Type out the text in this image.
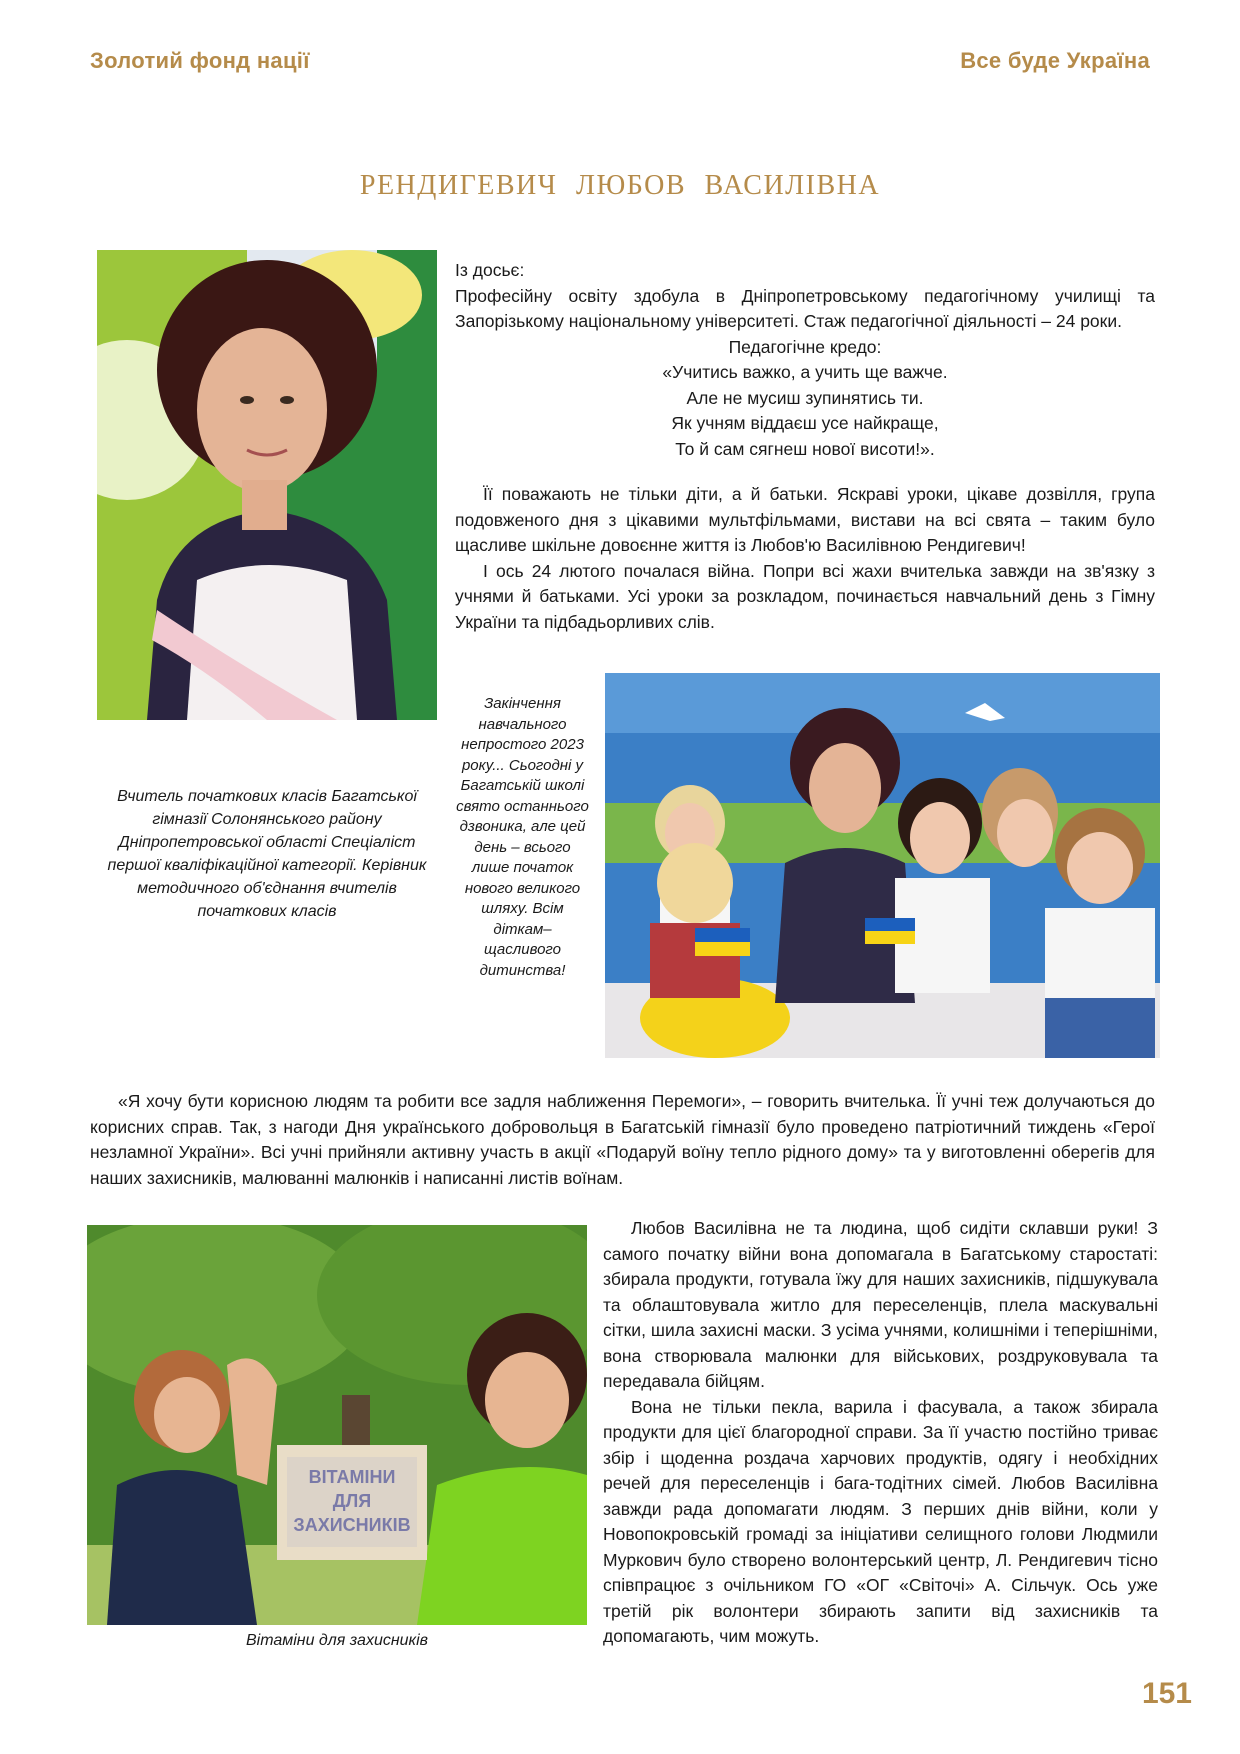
Золотий фонд нації	Все буде Україна
РЕНДИГЕВИЧ ЛЮБОВ ВАСИЛІВНА

Із досьє:

Професійну освіту здобула в Дніпропетровському педагогічному училищі та Запорізькому національному університеті. Стаж педагогічної діяльності – 24 роки.

Педагогічне кредо:

«Учитись важко, а учить ще важче.

Але не мусиш зупинятись ти.

Як учням віддаєш усе найкраще,

То й сам сягнеш нової висоти!».

Її поважають не тільки діти, а й батьки. Яскраві уроки, цікаве дозвілля, група подовженого дня з цікавими мультфільмами, вистави на всі свята – таким було щасливе шкільне довоєнне життя із Любов'ю Василівною Рендигевич!

І ось 24 лютого почалася війна. Попри всі жахи вчителька завжди на зв'язку з учнями й батьками. Усі уроки за розкладом, починається навчальний день з Гімну України та підбадьорливих слів.

Вчитель початкових класів Багатської гімназії Солонянського району Дніпропетровської області Спеціаліст першої кваліфікаційної категорії. Керівник методичного об'єднання вчителів початкових класів
Закінчення навчального непростого 2023 року... Сьогодні у Багатській школі свято останнього дзвоника, але цей день – всього лише початок нового великого шляху. Всім діткам– щасливого дитинства!

«Я хочу бути корисною людям та робити все задля наближення Перемоги», – говорить вчителька. Її учні теж долучаються до корисних справ. Так, з нагоди Дня українського добровольця в Багатській гімназії було проведено патріотичний тиждень «Герої незламної України». Всі учні прийняли активну участь в акції «Подаруй воїну тепло рідного дому» та у виготовленні оберегів для наших захисників, малюванні малюнків і написанні листів воїнам.

ВІТАМІНИ
ДЛЯ
ЗАХИСНИКІВ
Вітаміни для захисників

Любов Василівна не та людина, щоб сидіти склавши руки! З самого початку війни вона допомагала в Багатському старостаті: збирала продукти, готувала їжу для наших захисників, підшукувала та облаштовувала житло для переселенців, плела маскувальні сітки, шила захисні маски. З усіма учнями, колишніми і теперішніми, вона створювала малюнки для військових, роздруковувала та передавала бійцям.

Вона не тільки пекла, варила і фасувала, а також збирала продукти для цієї благородної справи. За її участю постійно триває збір і щоденна роздача харчових продуктів, одягу і необхідних речей для переселенців і бага-тодітних сімей. Любов Василівна завжди рада допомагати людям. З перших днів війни, коли у Новопокровській громаді за ініціативи селищного голови Людмили Муркович було створено волонтерський центр, Л. Рендигевич тісно співпрацює з очільником ГО «ОГ «Світочі» А. Сільчук. Ось уже третій рік волонтери збирають запити від захисників та допомагають, чим можуть.

151
